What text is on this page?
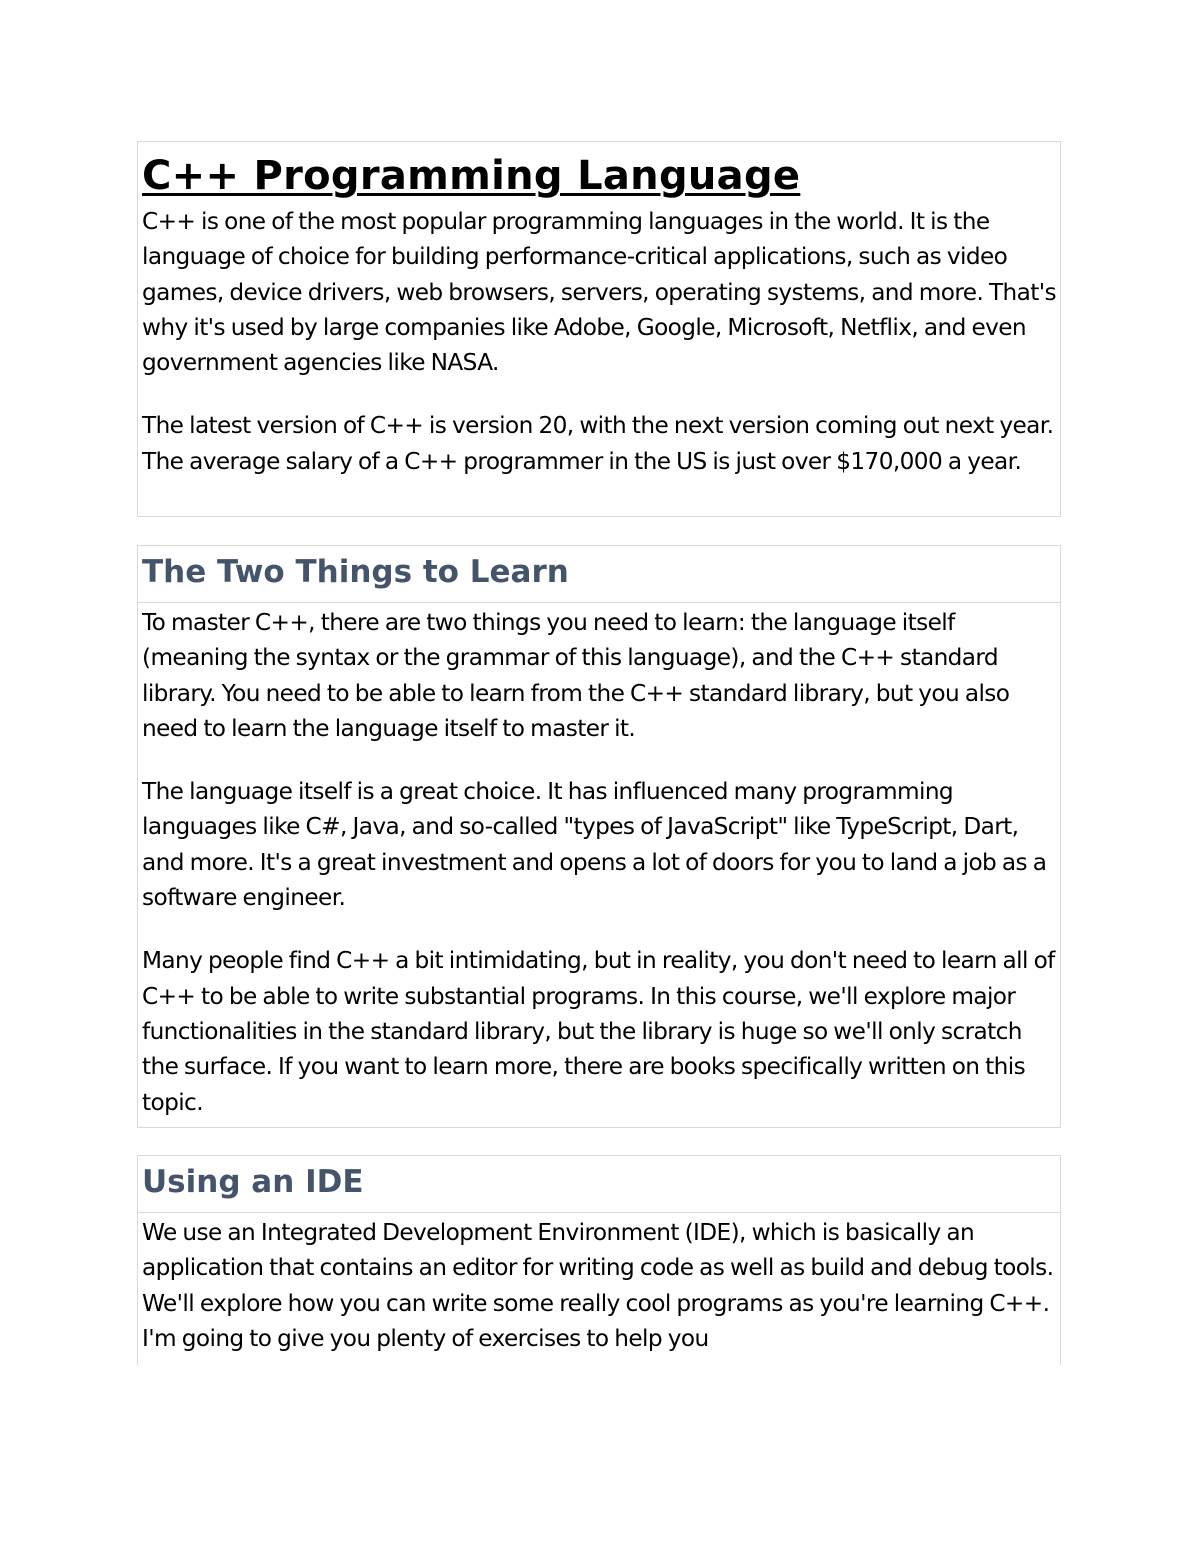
C++ Programming Language

C++ is one of the most popular programming languages in the world. It is the language of choice for building performance-critical applications, such as video games, device drivers, web browsers, servers, operating systems, and more. That's why it's used by large companies like Adobe, Google, Microsoft, Netflix, and even government agencies like NASA.

The latest version of C++ is version 20, with the next version coming out next year. The average salary of a C++ programmer in the US is just over $170,000 a year.

The Two Things to Learn

To master C++, there are two things you need to learn: the language itself (meaning the syntax or the grammar of this language), and the C++ standard library. You need to be able to learn from the C++ standard library, but you also need to learn the language itself to master it.

The language itself is a great choice. It has influenced many programming languages like C#, Java, and so-called "types of JavaScript" like TypeScript, Dart, and more. It's a great investment and opens a lot of doors for you to land a job as a software engineer.

Many people find C++ a bit intimidating, but in reality, you don't need to learn all of C++ to be able to write substantial programs. In this course, we'll explore major functionalities in the standard library, but the library is huge so we'll only scratch the surface. If you want to learn more, there are books specifically written on this topic.

Using an IDE

We use an Integrated Development Environment (IDE), which is basically an application that contains an editor for writing code as well as build and debug tools. We'll explore how you can write some really cool programs as you're learning C++. I'm going to give you plenty of exercises to help you
